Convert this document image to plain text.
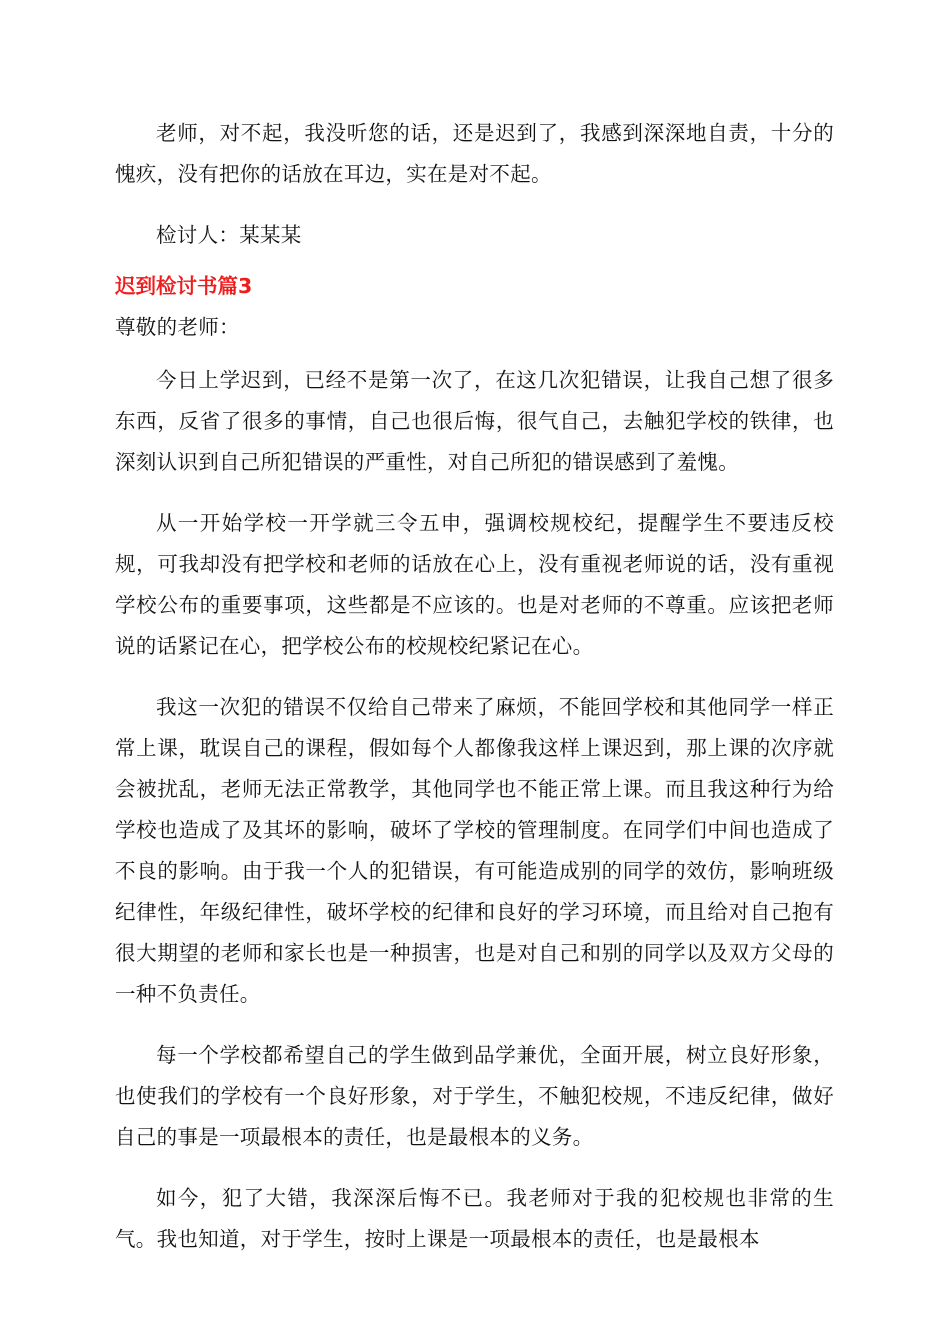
老师，对不起，我没听您的话，还是迟到了，我感到深深地自责，十分的愧疚，没有把你的话放在耳边，实在是对不起。

检讨人：某某某

迟到检讨书篇3

尊敬的老师：

今日上学迟到，已经不是第一次了，在这几次犯错误，让我自己想了很多东西，反省了很多的事情，自己也很后悔，很气自己，去触犯学校的铁律，也深刻认识到自己所犯错误的严重性，对自己所犯的错误感到了羞愧。

从一开始学校一开学就三令五申，强调校规校纪，提醒学生不要违反校规，可我却没有把学校和老师的话放在心上，没有重视老师说的话，没有重视学校公布的重要事项，这些都是不应该的。也是对老师的不尊重。应该把老师说的话紧记在心，把学校公布的校规校纪紧记在心。

我这一次犯的错误不仅给自己带来了麻烦，不能回学校和其他同学一样正常上课，耽误自己的课程，假如每个人都像我这样上课迟到，那上课的次序就会被扰乱，老师无法正常教学，其他同学也不能正常上课。而且我这种行为给学校也造成了及其坏的影响，破坏了学校的管理制度。在同学们中间也造成了不良的影响。由于我一个人的犯错误，有可能造成别的同学的效仿，影响班级纪律性，年级纪律性，破坏学校的纪律和良好的学习环境，而且给对自己抱有很大期望的老师和家长也是一种损害，也是对自己和别的同学以及双方父母的一种不负责任。

每一个学校都希望自己的学生做到品学兼优，全面开展，树立良好形象，也使我们的学校有一个良好形象，对于学生，不触犯校规，不违反纪律，做好自己的事是一项最根本的责任，也是最根本的义务。

如今，犯了大错，我深深后悔不已。我老师对于我的犯校规也非常的生气。我也知道，对于学生，按时上课是一项最根本的责任，也是最根本
